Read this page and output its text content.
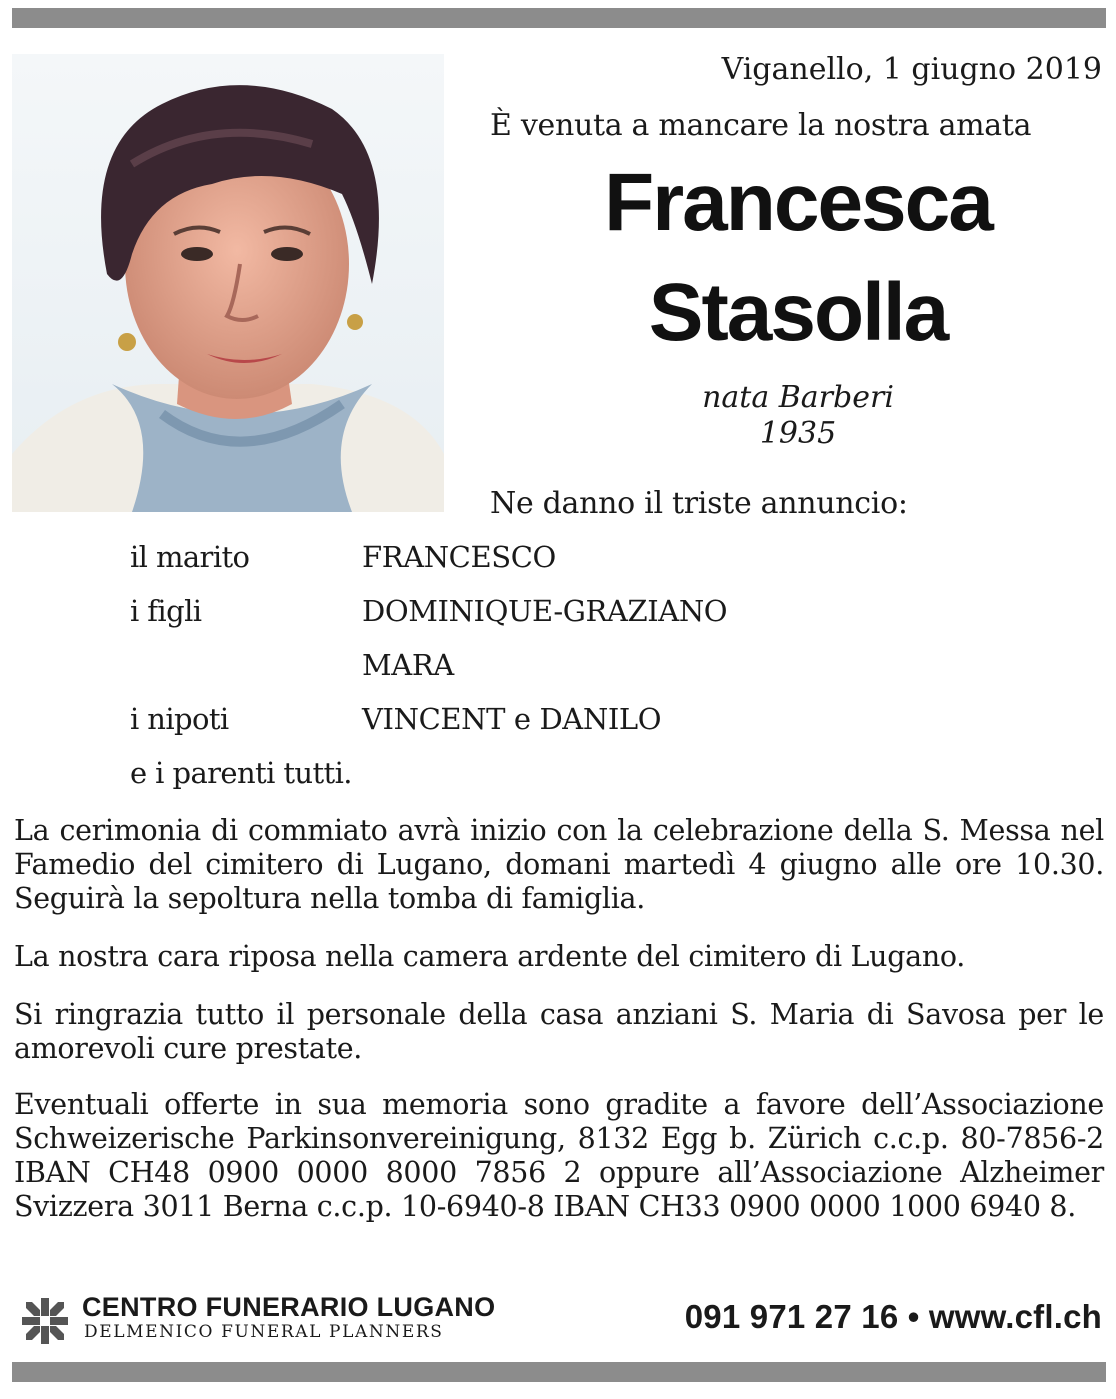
Viganello, 1 giugno 2019
È venuta a mancare la nostra amata
Francesca
Stasolla
nata Barberi
1935
Ne danno il triste annuncio:
il marito	FRANCESCO
i figli	DOMINIQUE-GRAZIANO
MARA
i nipoti	VINCENT e DANILO
e i parenti tutti.
La cerimonia di commiato avrà inizio con la celebrazione della S. Messa nel Famedio del cimitero di Lugano, domani martedì 4 giugno alle ore 10.30. Seguirà la sepoltura nella tomba di famiglia.
La nostra cara riposa nella camera ardente del cimitero di Lugano.
Si ringrazia tutto il personale della casa anziani S. Maria di Savosa per le amorevoli cure prestate.
Eventuali offerte in sua memoria sono gradite a favore dell’Associazione Schweizerische Parkinsonvereinigung, 8132 Egg b. Zürich c.c.p. 80-7856-2 IBAN CH48 0900 0000 8000 7856 2 oppure all’Associazione Alzheimer Svizzera 3011 Berna c.c.p. 10-6940-8 IBAN CH33 0900 0000 1000 6940 8.
CENTRO FUNERARIO LUGANO
DELMENICO FUNERAL PLANNERS	091 971 27 16 • www.cfl.ch
